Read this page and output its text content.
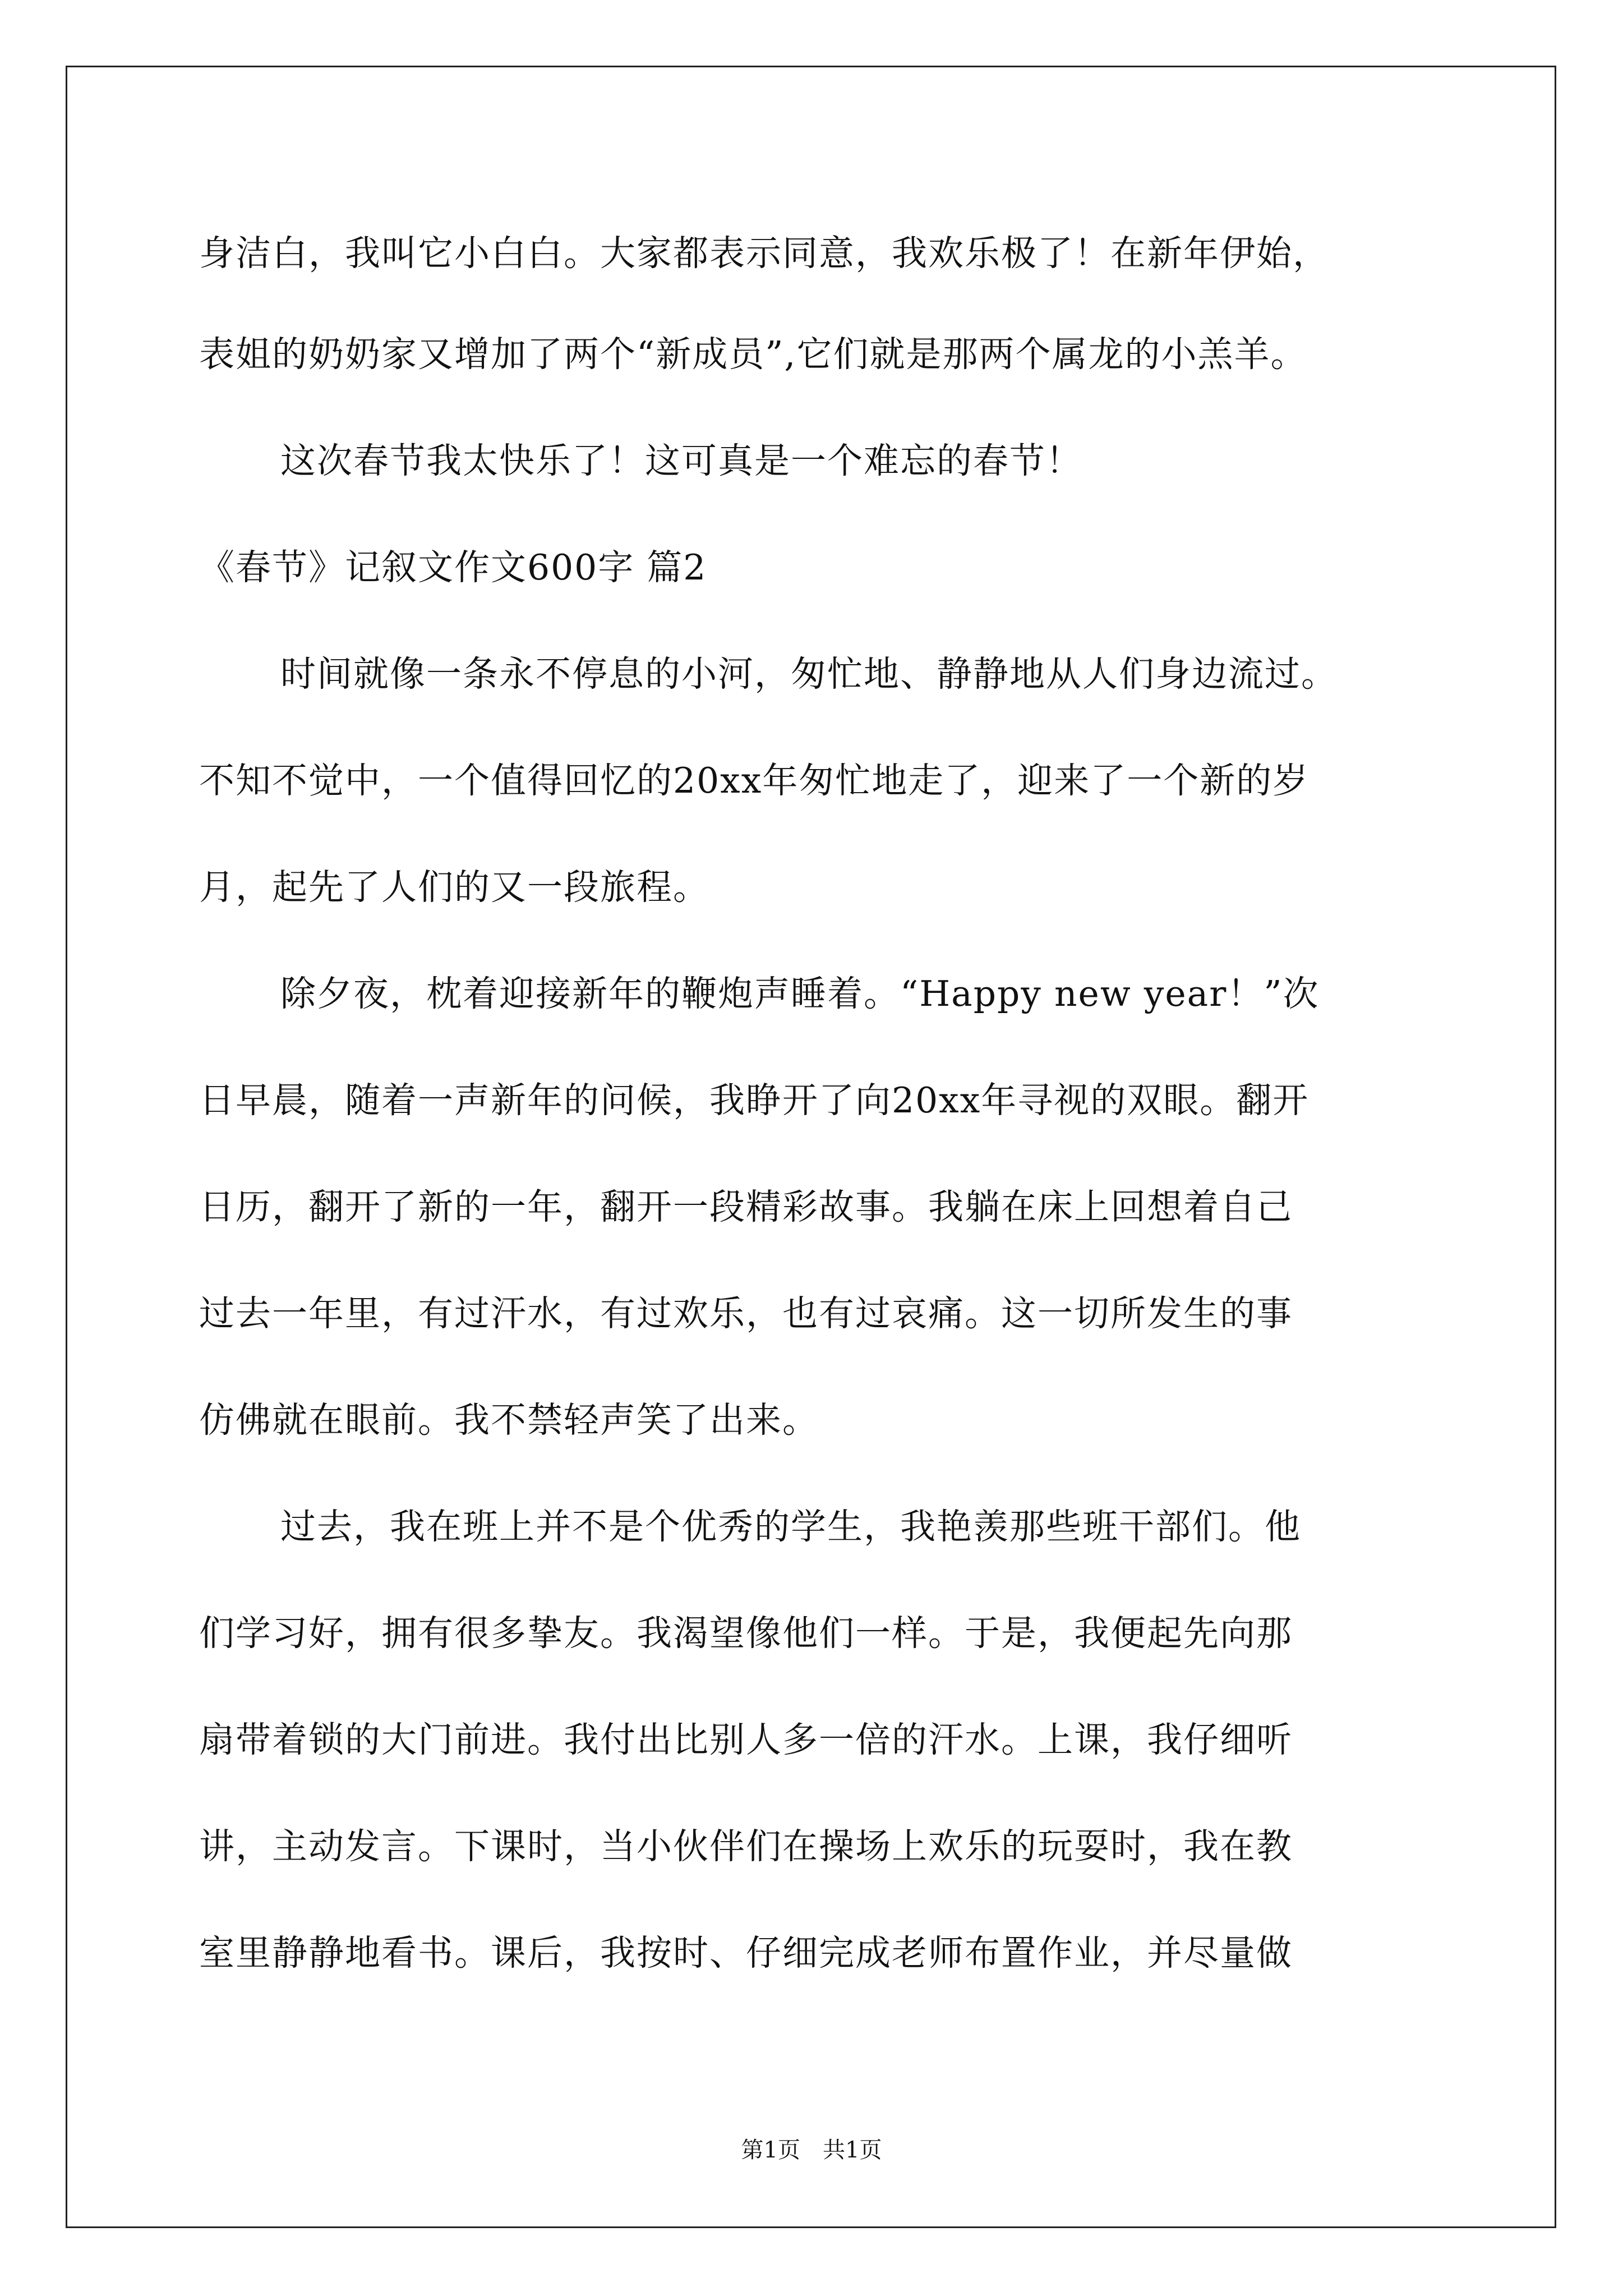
身洁白，我叫它小白白。大家都表示同意，我欢乐极了！在新年伊始，
表姐的奶奶家又增加了两个“新成员”,它们就是那两个属龙的小羔羊。
这次春节我太快乐了！这可真是一个难忘的春节！
《春节》记叙文作文600字 篇2
时间就像一条永不停息的小河，匆忙地、静静地从人们身边流过。
不知不觉中，一个值得回忆的20xx年匆忙地走了，迎来了一个新的岁
月，起先了人们的又一段旅程。
除夕夜，枕着迎接新年的鞭炮声睡着。“Happy new year！”次
日早晨，随着一声新年的问候，我睁开了向20xx年寻视的双眼。翻开
日历，翻开了新的一年，翻开一段精彩故事。我躺在床上回想着自己
过去一年里，有过汗水，有过欢乐，也有过哀痛。这一切所发生的事
仿佛就在眼前。我不禁轻声笑了出来。
过去，我在班上并不是个优秀的学生，我艳羡那些班干部们。他
们学习好，拥有很多挚友。我渴望像他们一样。于是，我便起先向那
扇带着锁的大门前进。我付出比别人多一倍的汗水。上课，我仔细听
讲，主动发言。下课时，当小伙伴们在操场上欢乐的玩耍时，我在教
室里静静地看书。课后，我按时、仔细完成老师布置作业，并尽量做
第1页　共1页
